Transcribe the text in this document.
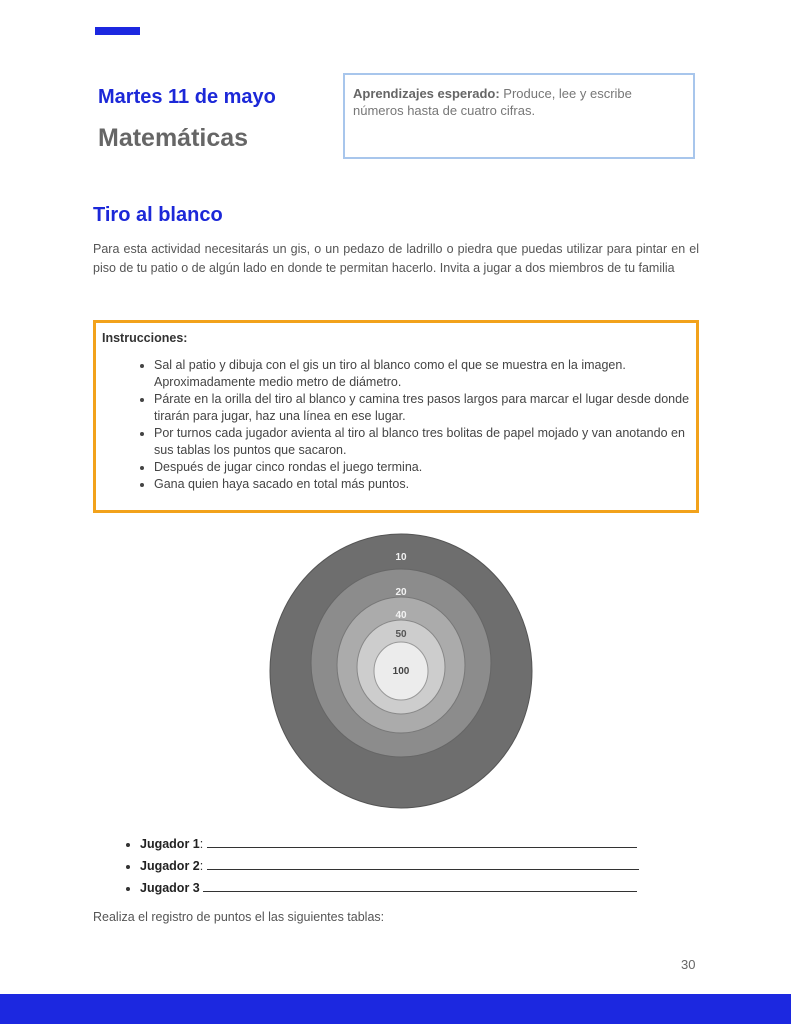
Martes 11 de mayo
Matemáticas
Aprendizajes esperado: Produce, lee y escribe números hasta de cuatro cifras.
Tiro al blanco
Para esta actividad necesitarás un gis, o un pedazo de ladrillo o piedra que puedas utilizar para pintar en el piso de tu patio o de algún lado en donde te permitan hacerlo. Invita a jugar a dos miembros de tu familia
Instrucciones:
• Sal al patio y dibuja con el gis un tiro al blanco como el que se muestra en la imagen. Aproximadamente medio metro de diámetro.
• Párate en la orilla del tiro al blanco y camina tres pasos largos para marcar el lugar desde donde tirarán para jugar, haz una línea en ese lugar.
• Por turnos cada jugador avienta al tiro al blanco tres bolitas de papel mojado y van anotando en sus tablas los puntos que sacaron.
• Después de jugar cinco rondas el juego termina.
• Gana quien haya sacado en total más puntos.
10
20
40
50
100
• Jugador 1:
• Jugador 2:
• Jugador 3
Realiza el registro de puntos el las siguientes tablas:
30
